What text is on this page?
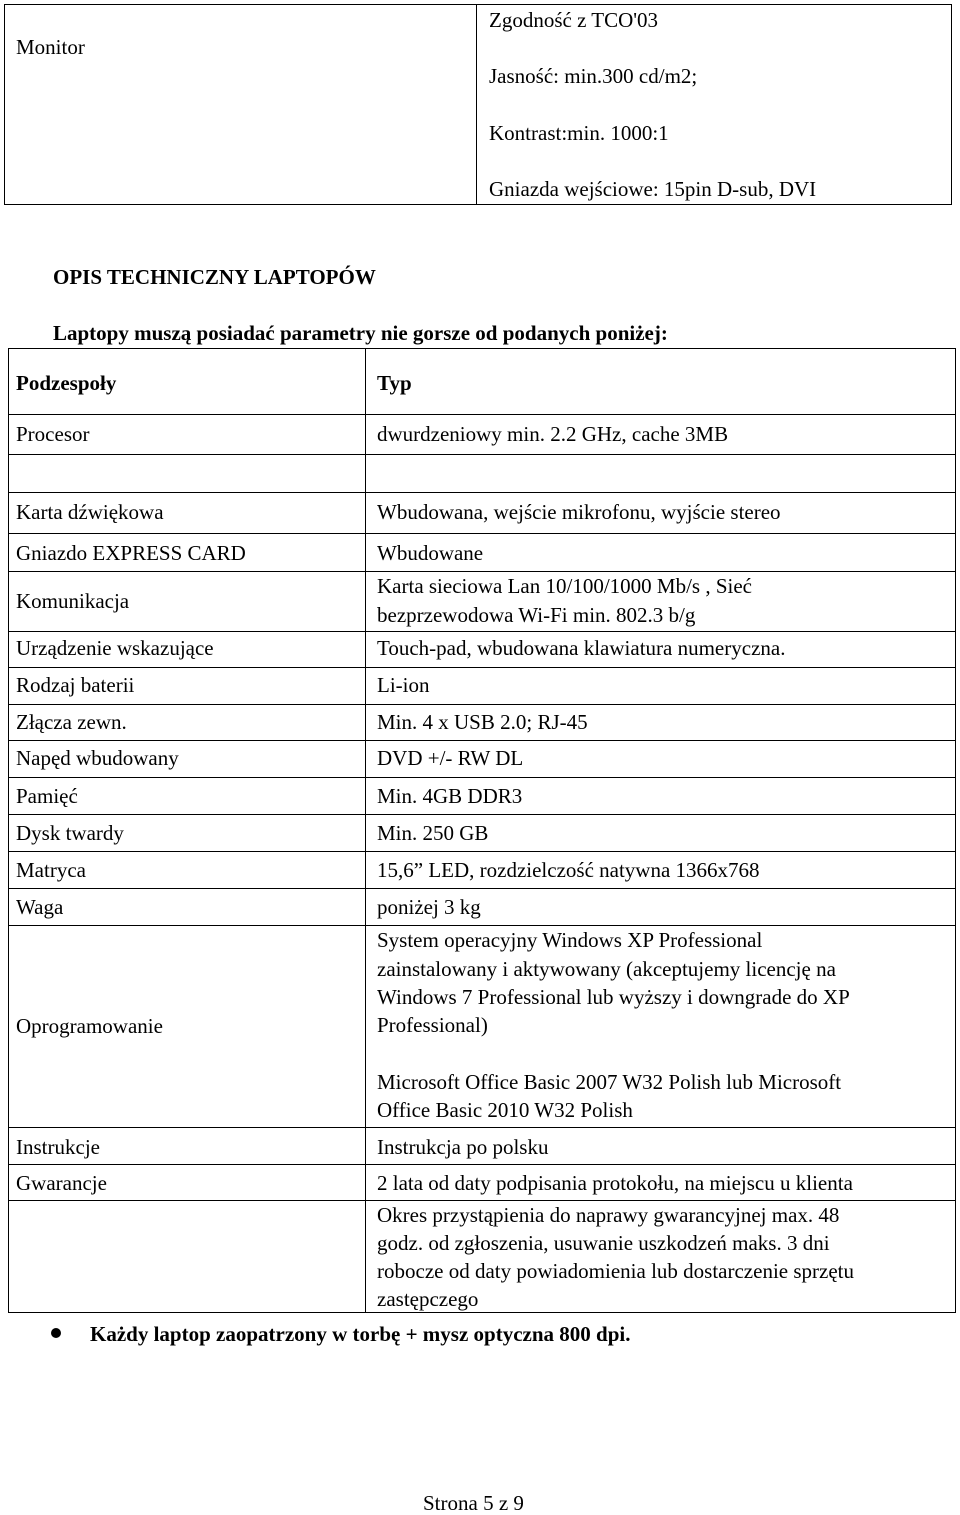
Monitor
Zgodność z TCO'03
Jasność: min.300 cd/m2;
Kontrast:min. 1000:1
Gniazda wejściowe: 15pin D-sub, DVI
OPIS TECHNICZNY LAPTOPÓW
Laptopy muszą posiadać parametry nie gorsze od podanych poniżej:
Podzespoły	Typ
Procesor
Karta dźwiękowa
Gniazdo EXPRESS CARD
Komunikacja
Urządzenie wskazujące
Rodzaj baterii
Złącza zewn.
Napęd wbudowany
Pamięć
Dysk twardy
Matryca
Waga
Oprogramowanie
Instrukcje
Gwarancje
dwurdzeniowy min. 2.2 GHz, cache 3MB
Wbudowana, wejście mikrofonu, wyjście stereo
Wbudowane
Karta sieciowa Lan 10/100/1000 Mb/s , Sieć
bezprzewodowa Wi-Fi min. 802.3 b/g
Touch-pad, wbudowana klawiatura numeryczna.
Li-ion
Min. 4 x USB 2.0; RJ-45
DVD +/- RW DL
Min. 4GB DDR3
Min. 250 GB
15,6” LED, rozdzielczość natywna 1366x768
poniżej 3 kg
System operacyjny Windows XP Professional
zainstalowany i aktywowany (akceptujemy licencję na
Windows 7 Professional lub wyższy i downgrade do XP
Professional)
Microsoft Office Basic 2007 W32 Polish lub Microsoft
Office Basic 2010 W32 Polish
Instrukcja po polsku
2 lata od daty podpisania protokołu, na miejscu u klienta
Okres przystąpienia do naprawy gwarancyjnej max. 48
godz. od zgłoszenia, usuwanie uszkodzeń maks. 3 dni
robocze od daty powiadomienia lub dostarczenie sprzętu
zastępczego
Każdy laptop zaopatrzony w torbę + mysz optyczna 800 dpi.
Strona 5 z 9
